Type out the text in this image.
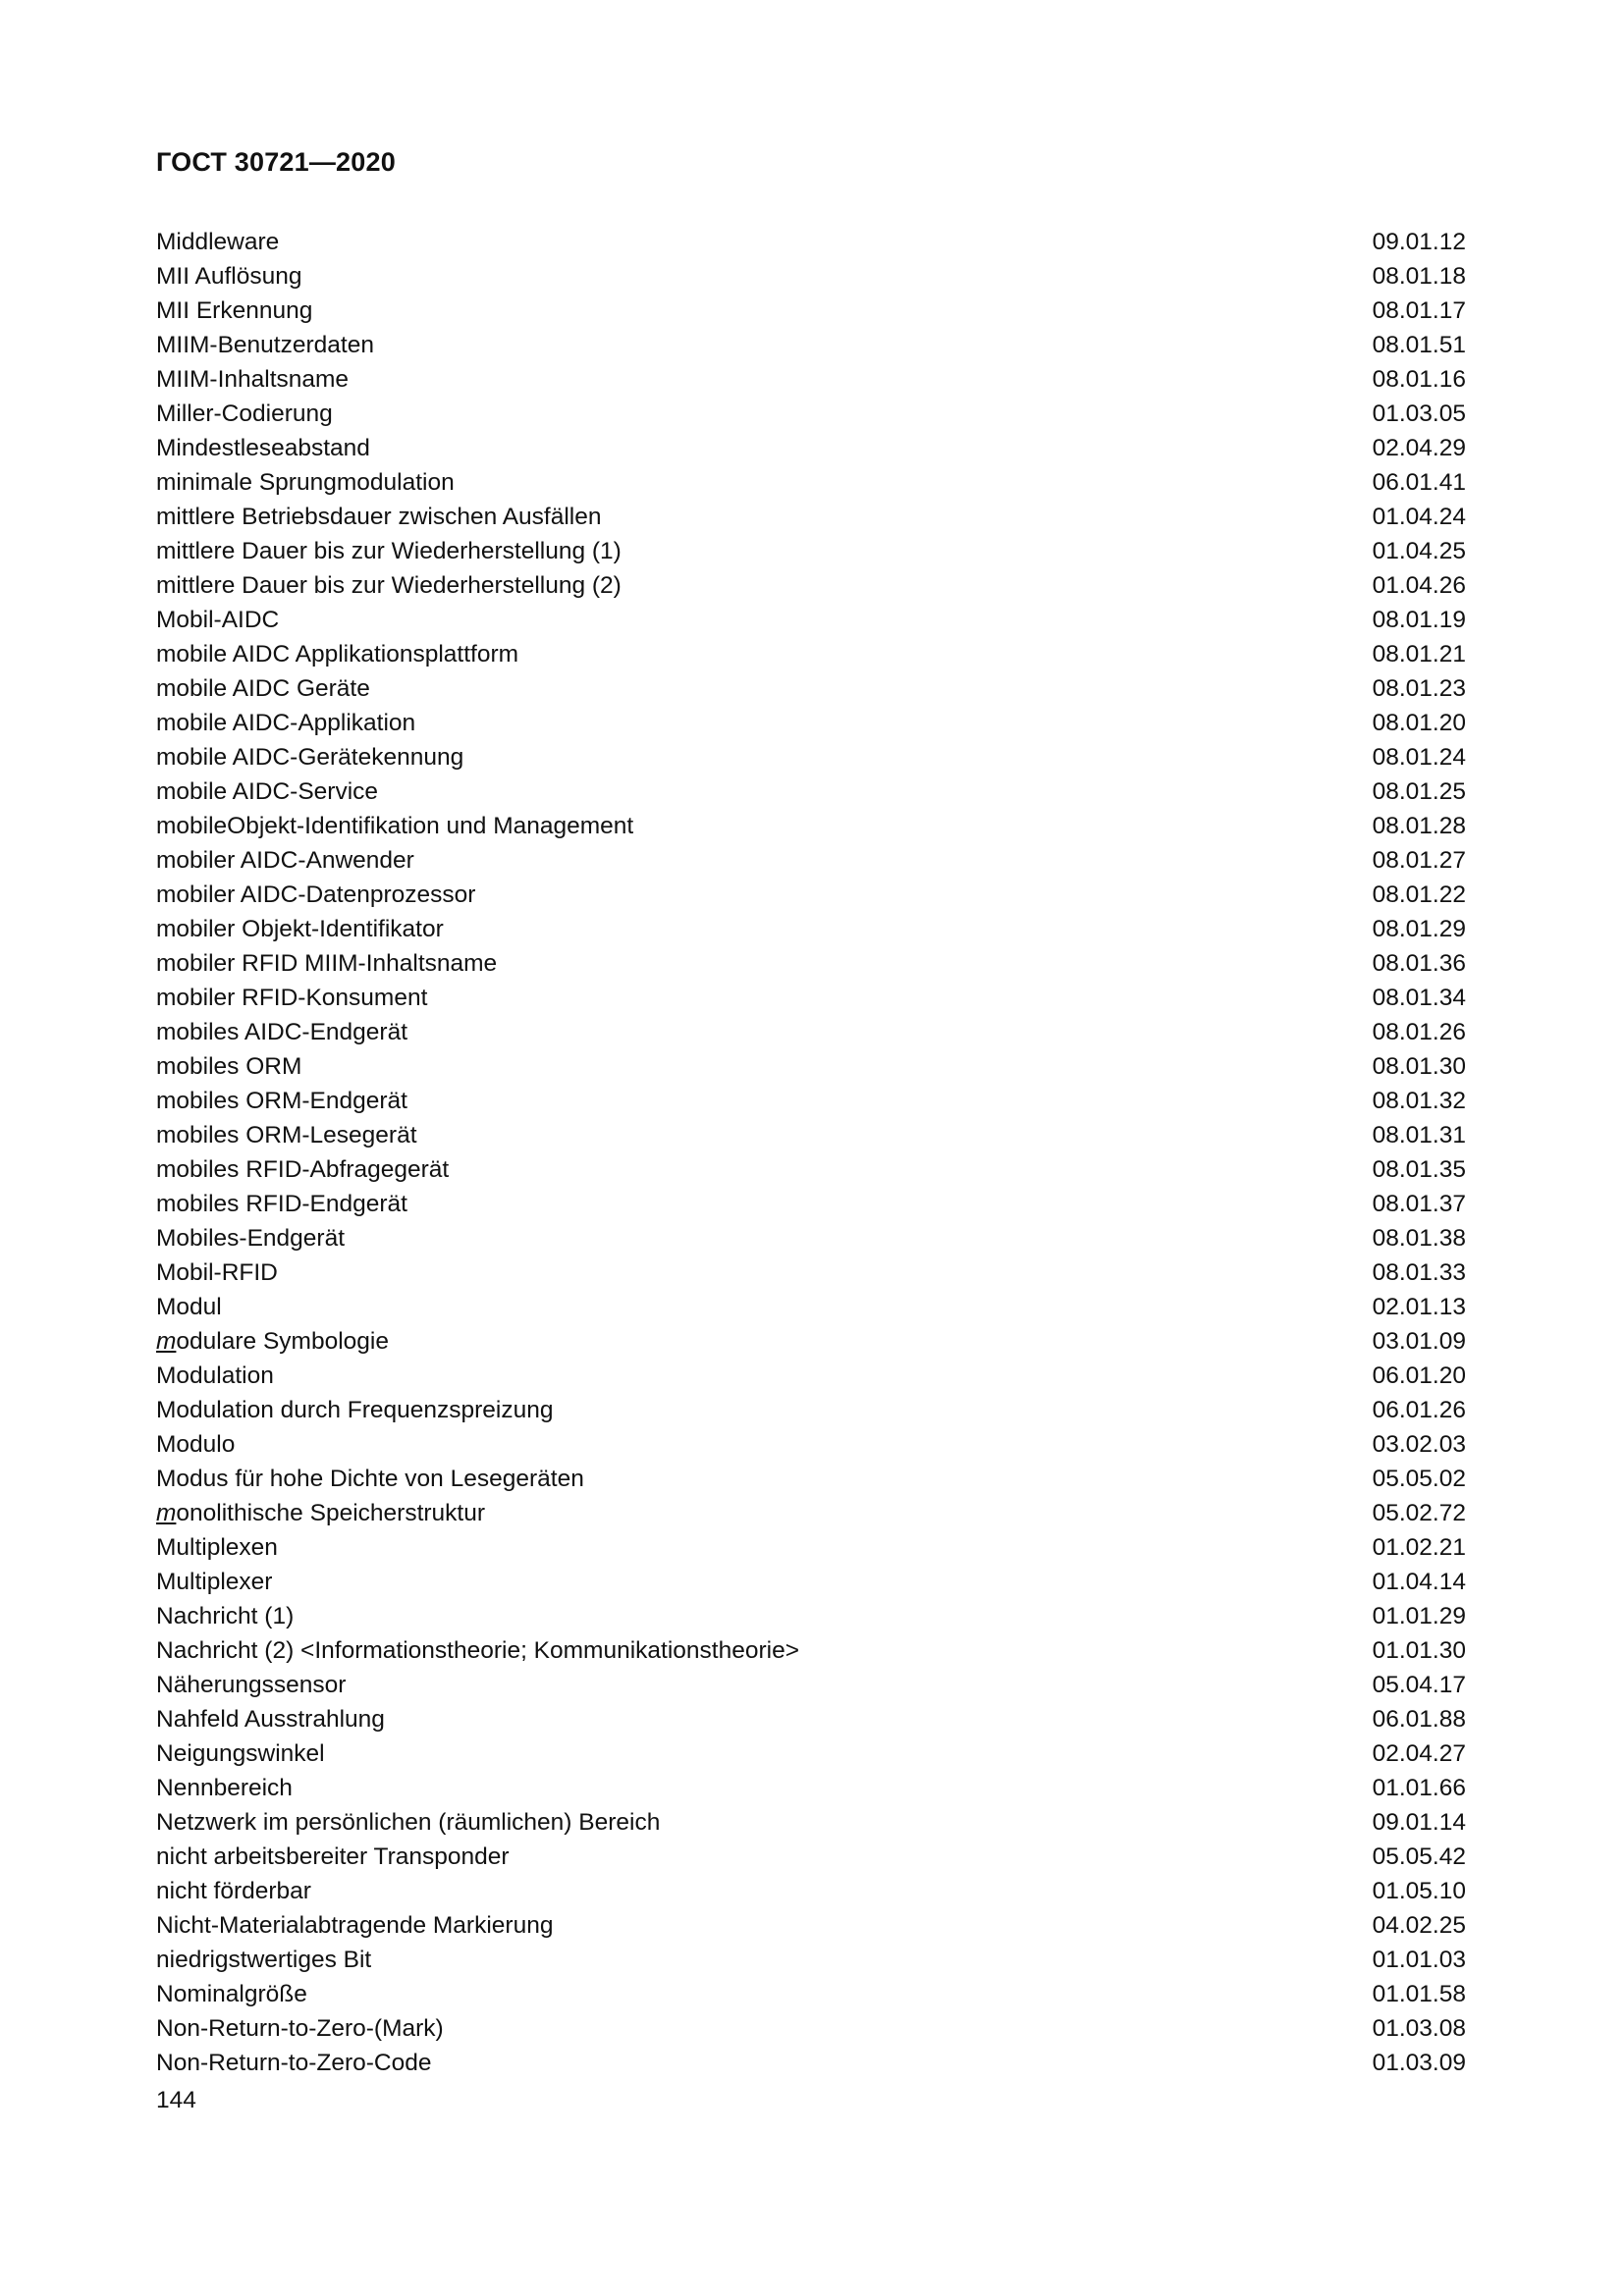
ГОСТ 30721—2020
Middleware	09.01.12
MII Auflösung	08.01.18
MII Erkennung	08.01.17
MIIM-Benutzerdaten	08.01.51
MIIM-Inhaltsname	08.01.16
Miller-Codierung	01.03.05
Mindestleseabstand	02.04.29
minimale Sprungmodulation	06.01.41
mittlere Betriebsdauer zwischen Ausfällen	01.04.24
mittlere Dauer bis zur Wiederherstellung (1)	01.04.25
mittlere Dauer bis zur Wiederherstellung (2)	01.04.26
Mobil-AIDC	08.01.19
mobile AIDC Applikationsplattform	08.01.21
mobile AIDC Geräte	08.01.23
mobile AIDC-Applikation	08.01.20
mobile AIDC-Gerätekennung	08.01.24
mobile AIDC-Service	08.01.25
mobileObjekt-Identifikation und Management	08.01.28
mobiler AIDC-Anwender	08.01.27
mobiler AIDC-Datenprozessor	08.01.22
mobiler Objekt-Identifikator	08.01.29
mobiler RFID MIIM-Inhaltsname	08.01.36
mobiler RFID-Konsument	08.01.34
mobiles AIDC-Endgerät	08.01.26
mobiles ORM	08.01.30
mobiles ORM-Endgerät	08.01.32
mobiles ORM-Lesegerät	08.01.31
mobiles RFID-Abfragegerät	08.01.35
mobiles RFID-Endgerät	08.01.37
Mobiles-Endgerät	08.01.38
Mobil-RFID	08.01.33
Modul	02.01.13
modulare Symbologie	03.01.09
Modulation	06.01.20
Modulation durch Frequenzspreizung	06.01.26
Modulo	03.02.03
Modus für hohe Dichte von Lesegeräten	05.05.02
monolithische Speicherstruktur	05.02.72
Multiplexen	01.02.21
Multiplexer	01.04.14
Nachricht (1)	01.01.29
Nachricht (2) <Informationstheorie; Kommunikationstheorie>	01.01.30
Näherungssensor	05.04.17
Nahfeld Ausstrahlung	06.01.88
Neigungswinkel	02.04.27
Nennbereich	01.01.66
Netzwerk im persönlichen (räumlichen) Bereich	09.01.14
nicht arbeitsbereiter Transponder	05.05.42
nicht förderbar	01.05.10
Nicht-Materialabtragende Markierung	04.02.25
niedrigstwertiges Bit	01.01.03
Nominalgröße	01.01.58
Non-Return-to-Zero-(Mark)	01.03.08
Non-Return-to-Zero-Code	01.03.09
144
